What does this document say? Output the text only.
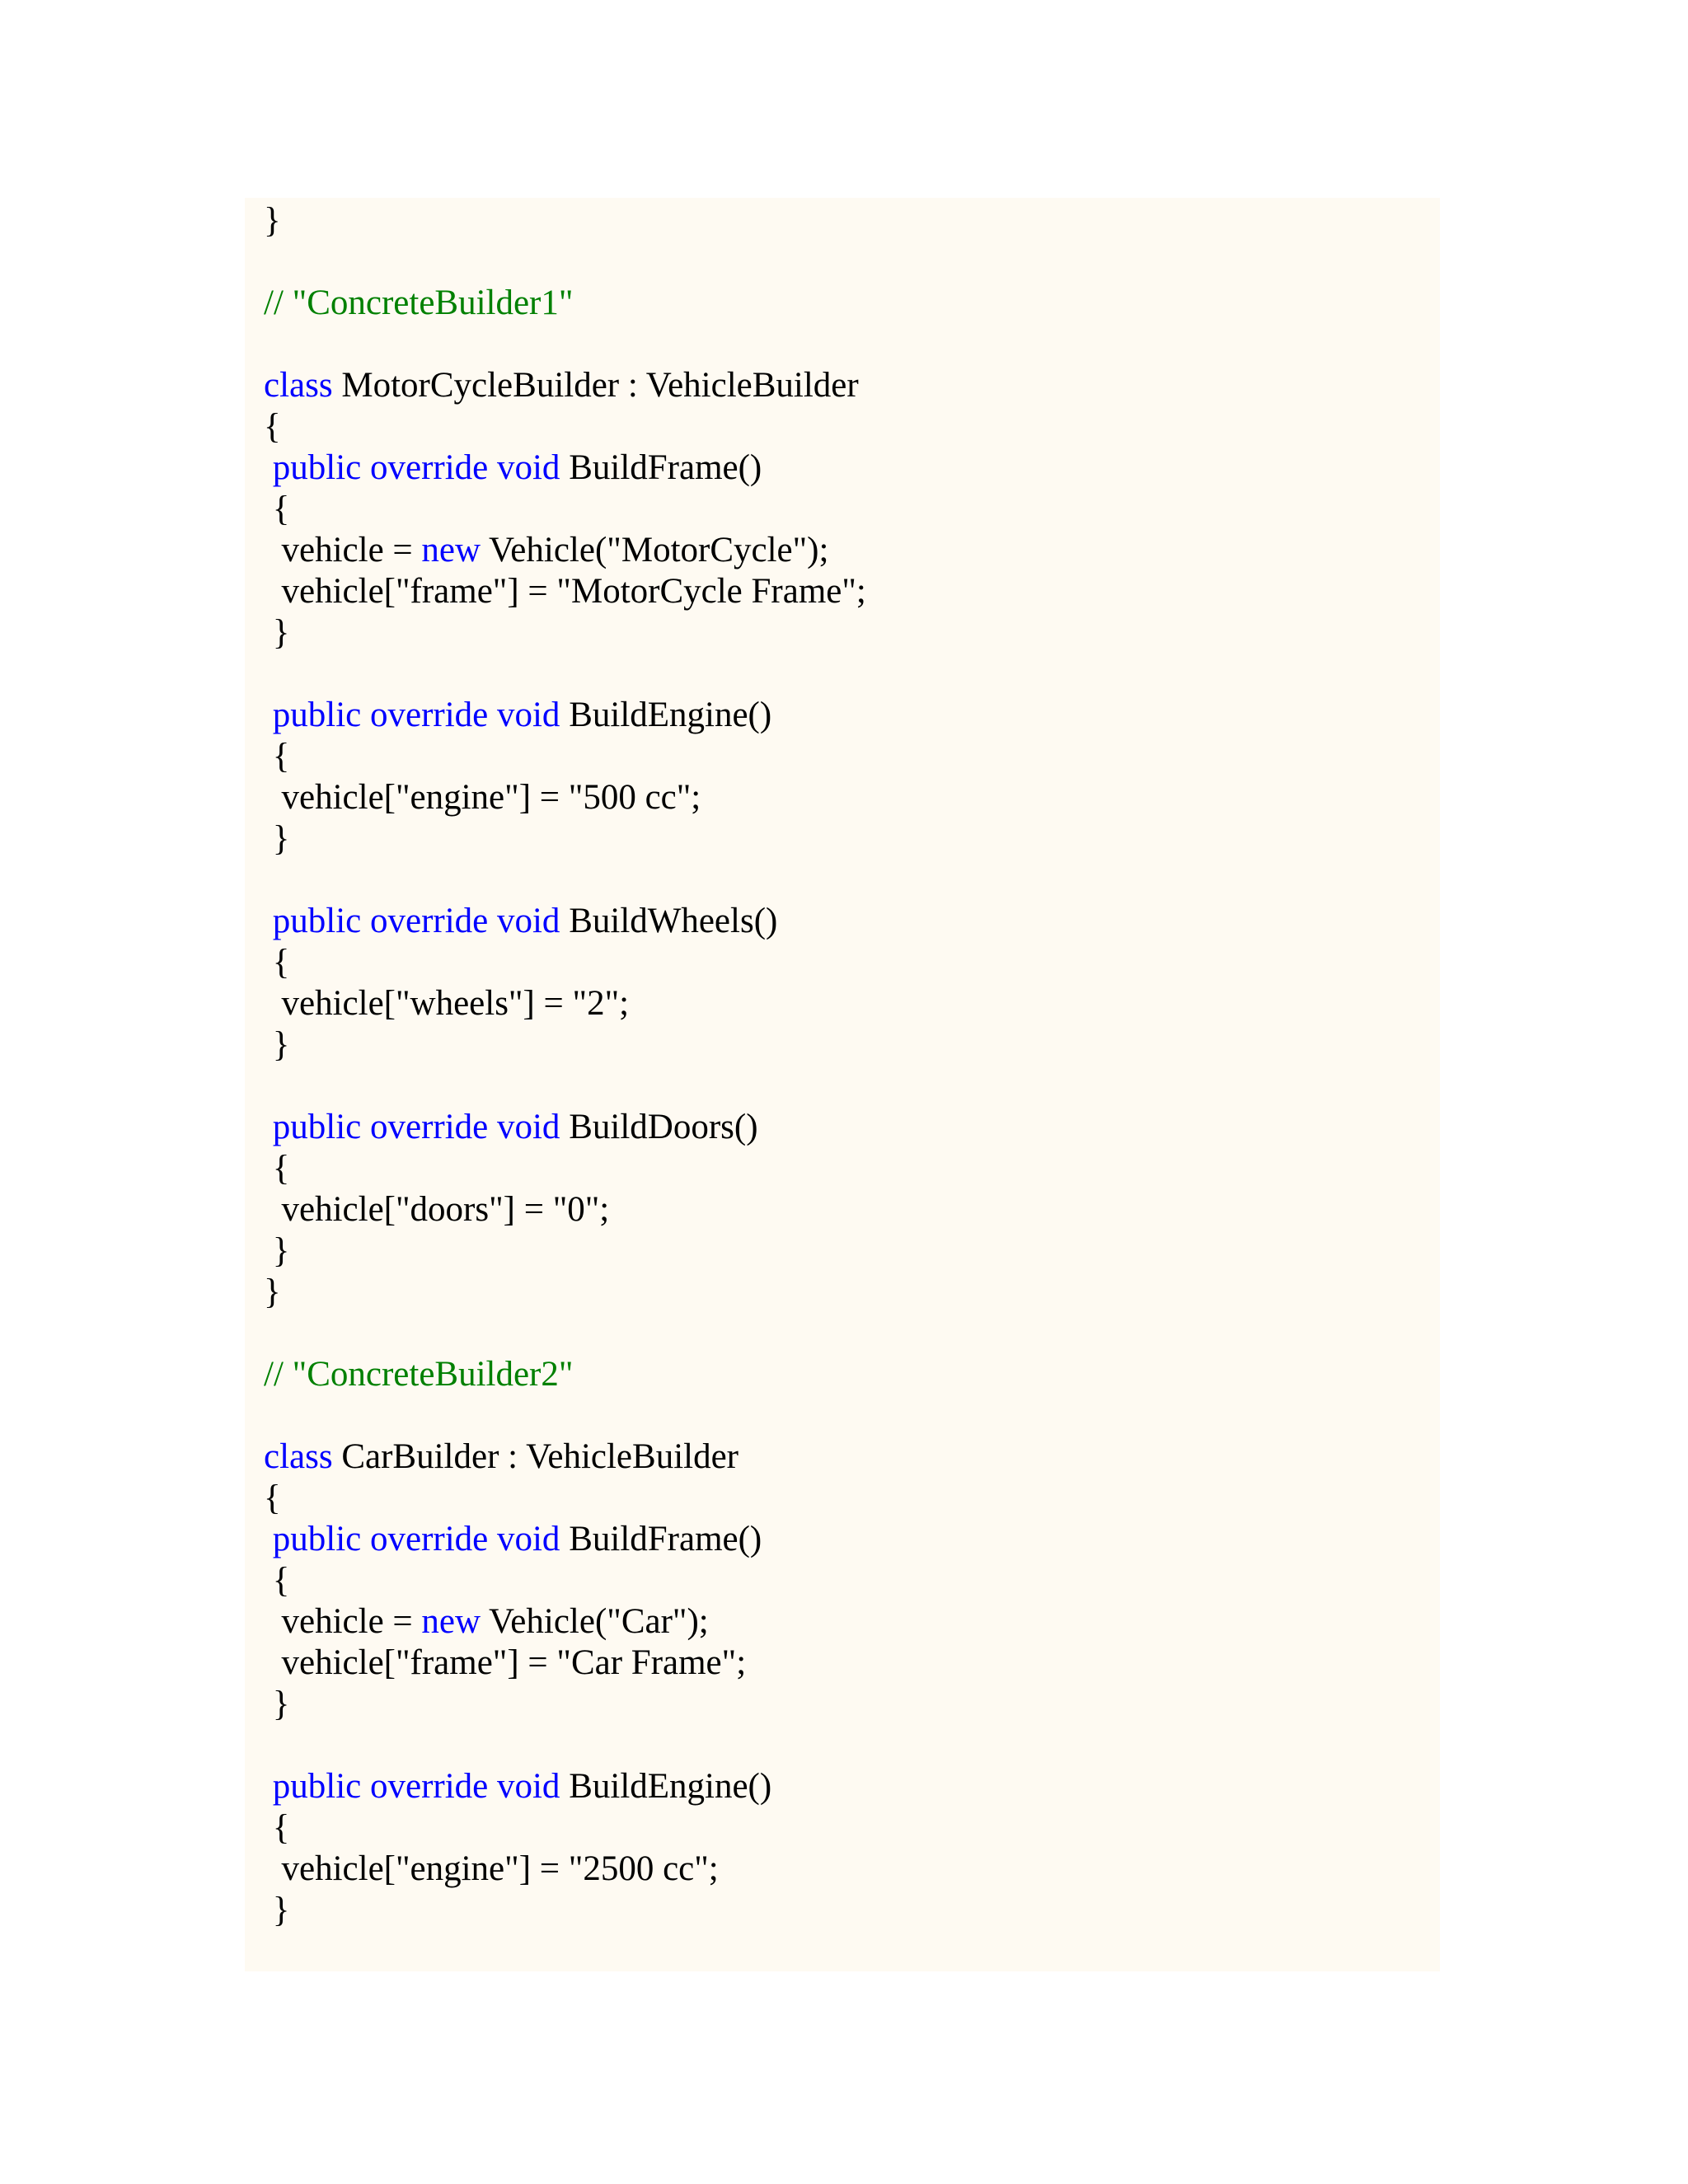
}
// "ConcreteBuilder1"
class MotorCycleBuilder : VehicleBuilder
{
public override void BuildFrame()
{
vehicle = new Vehicle("MotorCycle");
vehicle["frame"] = "MotorCycle Frame";
}
public override void BuildEngine()
{
vehicle["engine"] = "500 cc";
}
public override void BuildWheels()
{
vehicle["wheels"] = "2";
}
public override void BuildDoors()
{
vehicle["doors"] = "0";
}
}
// "ConcreteBuilder2"
class CarBuilder : VehicleBuilder
{
public override void BuildFrame()
{
vehicle = new Vehicle("Car");
vehicle["frame"] = "Car Frame";
}
public override void BuildEngine()
{
vehicle["engine"] = "2500 cc";
}
